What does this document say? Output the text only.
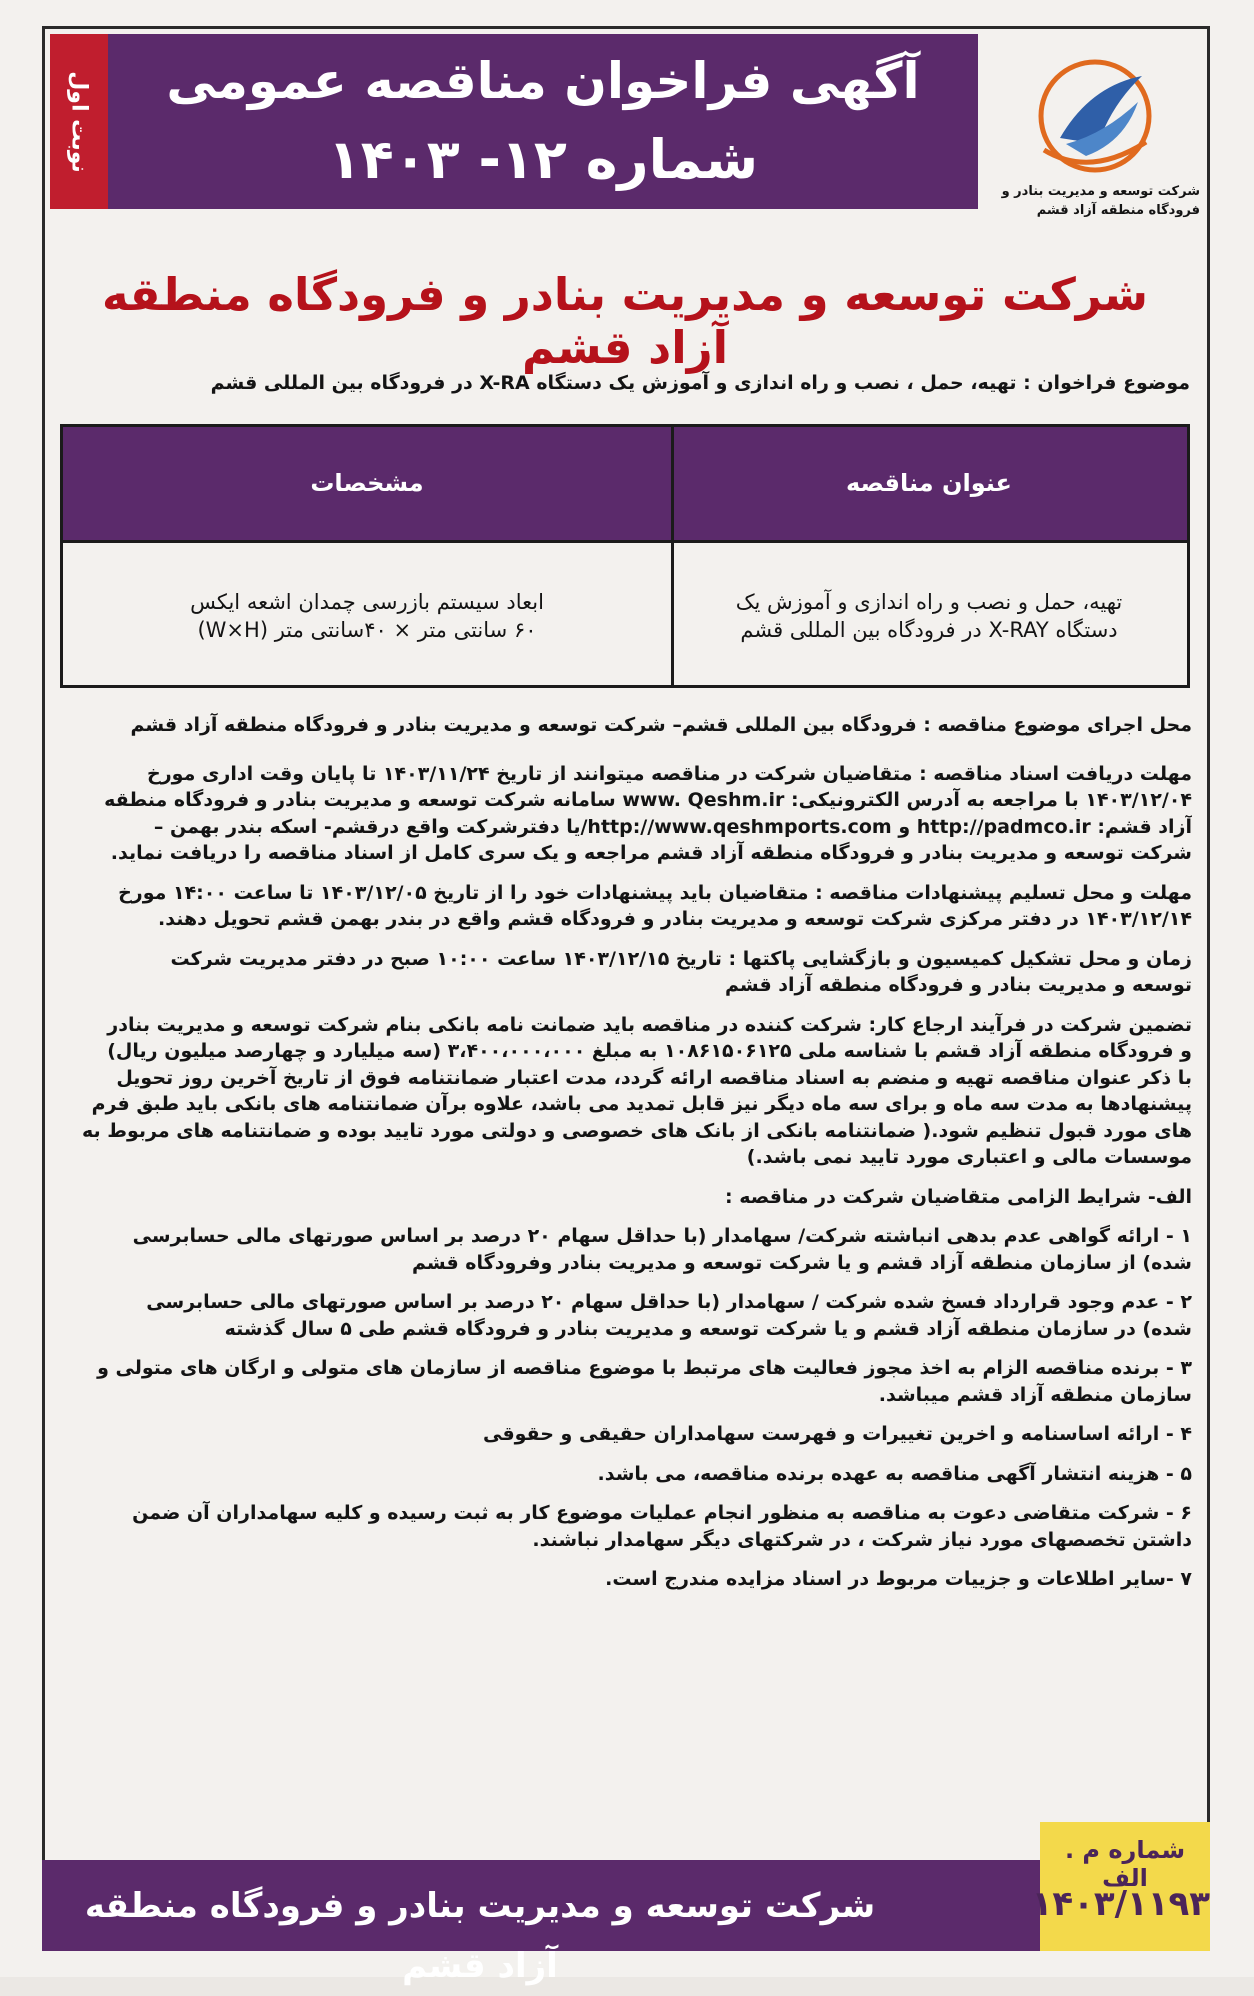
نوبت اول	آگهی فراخوان مناقصه عمومی
شماره ۱۲- ۱۴۰۳
شرکت توسعه و مدیریت بنادر و
فرودگاه منطقه آزاد قشم
شرکت توسعه و مدیریت بنادر و فرودگاه منطقه آزاد قشم
موضوع فراخوان : تهیه، حمل ، نصب و راه اندازی و آموزش یک دستگاه X-RA در فرودگاه بین المللی قشم
عنوان مناقصه
مشخصات
تهیه، حمل و نصب و راه اندازی و آموزش یک
دستگاه X-RAY در فرودگاه بین المللی قشم
ابعاد سیستم بازرسی چمدان اشعه ایکس
۶۰ سانتی متر × ۴۰سانتی متر (W×H)
محل اجرای موضوع مناقصه : فرودگاه بین المللی قشم– شرکت توسعه و مدیریت بنادر و فرودگاه منطقه آزاد قشم
مهلت دریافت اسناد مناقصه : متقاضیان شرکت در مناقصه میتوانند از تاریخ ۱۴۰۳/۱۱/۲۴ تا پایان وقت اداری مورخ
۱۴۰۳/۱۲/۰۴ با مراجعه به آدرس الکترونیکی: www. Qeshm.ir سامانه شرکت توسعه و مدیریت بنادر و فرودگاه منطقه
آزاد قشم: http://padmco.ir و http://www.qeshmports.com/یا دفترشرکت واقع درقشم- اسکه بندر بهمن –
شرکت توسعه و مدیریت بنادر و فرودگاه منطقه آزاد قشم مراجعه و یک سری کامل از اسناد مناقصه را دریافت نماید.
مهلت و محل تسلیم پیشنهادات مناقصه : متقاضیان باید پیشنهادات خود را از تاریخ ۱۴۰۳/۱۲/۰۵ تا ساعت ۱۴:۰۰ مورخ
۱۴۰۳/۱۲/۱۴ در دفتر مرکزی شرکت توسعه و مدیریت بنادر و فرودگاه قشم واقع در بندر بهمن قشم تحویل دهند.
زمان و محل تشکیل کمیسیون و بازگشایی پاکتها : تاریخ ۱۴۰۳/۱۲/۱۵ ساعت ۱۰:۰۰ صبح در دفتر مدیریت شرکت
توسعه و مدیریت بنادر و فرودگاه منطقه آزاد قشم
تضمین شرکت در فرآیند ارجاع کار: شرکت کننده در مناقصه باید ضمانت نامه بانکی بنام شرکت توسعه و مدیریت بنادر
و فرودگاه منطقه آزاد قشم با شناسه ملی ۱۰۸۶۱۵۰۶۱۲۵ به مبلغ ۳،۴۰۰،۰۰۰،۰۰۰ (سه میلیارد و چهارصد میلیون ریال)
با ذکر عنوان مناقصه تهیه و منضم به اسناد مناقصه ارائه گردد، مدت اعتبار ضمانتنامه فوق از تاریخ آخرین روز تحویل
پیشنهادها به مدت سه ماه و برای سه ماه دیگر نیز قابل تمدید می باشد، علاوه برآن ضمانتنامه های بانکی باید طبق فرم
های مورد قبول تنظیم شود.( ضمانتنامه بانکی از بانک های خصوصی و دولتی مورد تایید بوده و ضمانتنامه های مربوط به
موسسات مالی و اعتباری مورد تایید نمی باشد.)
الف- شرایط الزامی متقاضیان شرکت در مناقصه :
۱ - ارائه گواهی عدم بدهی انباشته شرکت/ سهامدار (با حداقل سهام ۲۰ درصد بر اساس صورتهای مالی حسابرسی
شده) از سازمان منطقه آزاد قشم و یا شرکت توسعه و مدیریت بنادر وفرودگاه قشم
۲ - عدم وجود قرارداد فسخ شده شرکت / سهامدار (با حداقل سهام ۲۰ درصد بر اساس صورتهای مالی حسابرسی
شده) در سازمان منطقه آزاد قشم و یا شرکت توسعه و مدیریت بنادر و فرودگاه قشم طی ۵ سال گذشته
۳ - برنده مناقصه الزام به اخذ مجوز فعالیت های مرتبط با موضوع مناقصه از سازمان های متولی و ارگان های متولی و
سازمان منطقه آزاد قشم میباشد.
۴ - ارائه اساسنامه و اخرین تغییرات و فهرست سهامداران حقیقی و حقوقی
۵ - هزینه انتشار آگهی مناقصه به عهده برنده مناقصه، می باشد.
۶ - شرکت متقاضی دعوت به مناقصه به منظور انجام عملیات موضوع کار به ثبت رسیده و کلیه سهامداران آن ضمن
داشتن تخصصهای مورد نیاز شرکت ، در شرکتهای دیگر سهامدار نباشند.
۷ -سایر اطلاعات و جزییات مربوط در اسناد مزایده مندرج است.
شرکت توسعه و مدیریت بنادر و فرودگاه منطقه آزاد قشم
شماره م . الف
۱۴۰۳/۱۱۹۳
